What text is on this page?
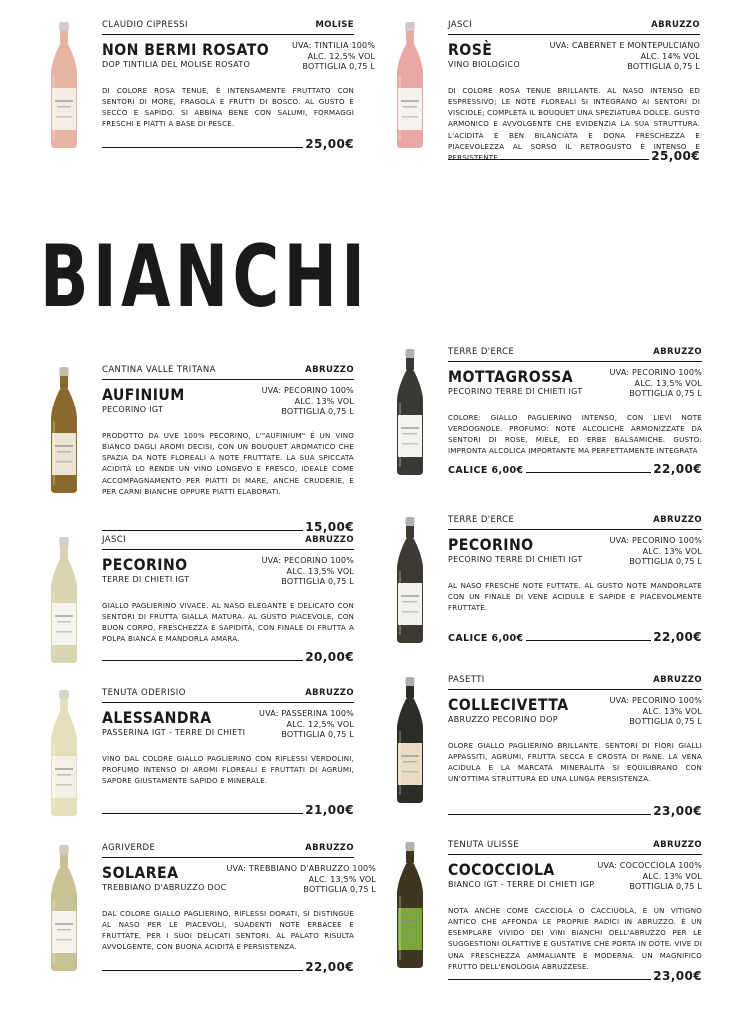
BIANCHI
CLAUDIO CIPRESSI	MOLISE
NON BERMI ROSATO
DOP TINTILIA DEL MOLISE ROSATO
UVA: TINTILIA 100%
ALC. 12,5% VOL
BOTTIGLIA 0,75 L
DI COLORE ROSA TENUE, È INTENSAMENTE FRUTTATO CON SENTORI DI MORE, FRAGOLA E FRUTTI DI BOSCO. AL GUSTO È SECCO E SAPIDO. SI ABBINA BENE CON SALUMI, FORMAGGI FRESCHI E PIATTI A BASE DI PESCE.
25,00€
JASCI	ABRUZZO
ROSÈ
VINO BIOLOGICO
UVA: CABERNET E MONTEPULCIANO
ALC. 14% VOL
BOTTIGLIA 0,75 L
DI COLORE ROSA TENUE BRILLANTE. AL NASO INTENSO ED ESPRESSIVO; LE NOTE FLOREALI SI INTEGRANO AI SENTORI DI VISCIOLE; COMPLETA IL BOUQUET UNA SPEZIATURA DOLCE. GUSTO ARMONICO E AVVOLGENTE CHE EVIDENZIA LA SUA STRUTTURA. L'ACIDITÀ È BEN BILANCIATA E DONA FRESCHEZZA E PIACEVOLEZZA AL SORSO IL RETROGUSTO È INTENSO E PERSISTENTE.	25,00€
CANTINA VALLE TRITANA	ABRUZZO
AUFINIUM
PECORINO IGT
UVA: PECORINO 100%
ALC. 13% VOL
BOTTIGLIA 0,75 L
PRODOTTO DA UVE 100% PECORINO, L'"AUFINIUM" È UN VINO BIANCO DAGLI AROMI DECISI, CON UN BOUQUET AROMATICO CHE SPAZIA DA NOTE FLOREALI A NOTE FRUTTATE. LA SUA SPICCATA ACIDITÀ LO RENDE UN VINO LONGEVO E FRESCO, IDEALE COME ACCOMPAGNAMENTO PER PIATTI DI MARE, ANCHE CRUDERIE, E PER CARNI BIANCHE OPPURE PIATTI ELABORATI.
15,00€
TERRE D'ERCE	ABRUZZO
MOTTAGROSSA
PECORINO TERRE DI CHIETI IGT
UVA: PECORINO 100%
ALC. 13,5% VOL
BOTTIGLIA 0,75 L
COLORE: GIALLO PAGLIERINO INTENSO, CON LIEVI NOTE VERDOGNOLE. PROFUMO: NOTE ALCOLICHE ARMONIZZATE DA SENTORI DI ROSE, MIELE, ED ERBE BALSAMICHE. GUSTO: IMPRONTA ALCOLICA IMPORTANTE MA PERFETTAMENTE INTEGRATA
CALICE 6,00€	22,00€
JASCI	ABRUZZO
PECORINO
TERRE DI CHIETI IGT
UVA: PECORINO 100%
ALC. 13,5% VOL
BOTTIGLIA 0,75 L
GIALLO PAGLIERINO VIVACE. AL NASO ELEGANTE E DELICATO CON SENTORI DI FRUTTA GIALLA MATURA. AL GUSTO PIACEVOLE, CON BUON CORPO, FRESCHEZZA E SAPIDITÀ, CON FINALE DI FRUTTA A POLPA BIANCA E MANDORLA AMARA.
20,00€
TERRE D'ERCE	ABRUZZO
PECORINO
PECORINO TERRE DI CHIETI IGT
UVA: PECORINO 100%
ALC. 13% VOL
BOTTIGLIA 0,75 L
AL NASO FRESCHE NOTE FUTTATE. AL GUSTO NOTE MANDORLATE CON UN FINALE DI VENE ACIDULE E SAPIDE E PIACEVOLMENTE FRUTTATE.
CALICE 6,00€	22,00€
TENUTA ODERISIO	ABRUZZO
ALESSANDRA
PASSERINA IGT - TERRE DI CHIETI
UVA: PASSERINA 100%
ALC. 12,5% VOL
BOTTIGLIA 0,75 L
VINO DAL COLORE GIALLO PAGLIERINO CON RIFLESSI VERDOLINI, PROFUMO INTENSO DI AROMI FLOREALI E FRUTTATI DI AGRUMI, SAPORE GIUSTAMENTE SAPIDO E MINERALE.
21,00€
PASETTI	ABRUZZO
COLLECIVETTA
ABRUZZO PECORINO DOP
UVA: PECORINO 100%
ALC. 13% VOL
BOTTIGLIA 0,75 L
OLORE GIALLO PAGLIERINO BRILLANTE. SENTORI DI FIORI GIALLI APPASSITI, AGRUMI, FRUTTA SECCA E CROSTA DI PANE. LA VENA ACIDULA E LA MARCATA MINERALITÀ SI EQUILIBRANO CON UN'OTTIMA STRUTTURA ED UNA LUNGA PERSISTENZA.
23,00€
AGRIVERDE	ABRUZZO
SOLAREA
TREBBIANO D'ABRUZZO DOC
UVA: TREBBIANO D'ABRUZZO 100%
ALC. 13,5% VOL
BOTTIGLIA 0,75 L
DAL COLORE GIALLO PAGLIERINO, RIFLESSI DORATI, SI DISTINGUE AL NASO PER LE PIACEVOLI, SUADENTI NOTE ERBACEE E FRUTTATE, PER I SUOI DELICATI SENTORI. AL PALATO RISULTA AVVOLGENTE, CON BUONA ACIDITÀ E PERSISTENZA.
22,00€
TENUTA ULISSE	ABRUZZO
COCOCCIOLA
BIANCO IGT - TERRE DI CHIETI IGP
UVA: COCOCCIOLA 100%
ALC. 13% VOL
BOTTIGLIA 0,75 L
NOTA ANCHE COME CACCIOLA O CACCIUOLA, È UN VITIGNO ANTICO CHE AFFONDA LE PROPRIE RADICI IN ABRUZZO. È UN ESEMPLARE VIVIDO DEI VINI BIANCHI DELL'ABRUZZO PER LE SUGGESTIONI OLFATTIVE E GUSTATIVE CHE PORTA IN DOTE. VIVE DI UNA FRESCHEZZA AMMALIANTE E MODERNA. UN MAGNIFICO FRUTTO DELL'ENOLOGIA ABRUZZESE.
23,00€
